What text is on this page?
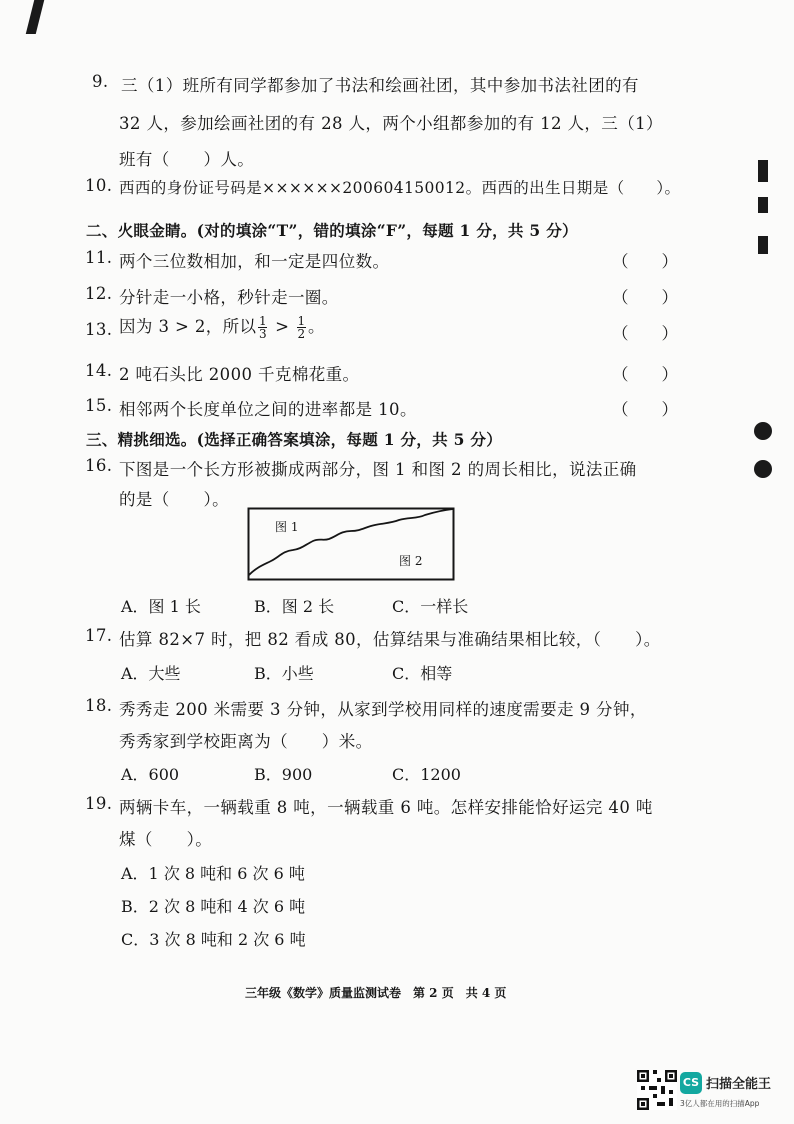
9. 三（1）班所有同学都参加了书法和绘画社团，其中参加书法社团的有
32 人，参加绘画社团的有 28 人，两个小组都参加的有 12 人，三（1）
班有（　　）人。
10. 西西的身份证号码是××××××200604150012。西西的出生日期是（　　）。
二、火眼金睛。(对的填涂“T”，错的填涂“F”，每题 1 分，共 5 分）
11. 两个三位数相加，和一定是四位数。	（　　）
12. 分针走一小格，秒针走一圈。	（　　）
13. 因为 3 > 2，所以 $\frac{1}{3} > \frac{1}{2}$ 。	（　　）
14. 2 吨石头比 2000 千克棉花重。	（　　）
15. 相邻两个长度单位之间的进率都是 10。	（　　）
三、精挑细选。(选择正确答案填涂，每题 1 分，共 5 分）
16. 下图是一个长方形被撕成两部分，图 1 和图 2 的周长相比，说法正确
的是（　　）。
图 1
图 2
A．图 1 长	B．图 2 长	C．一样长
17. 估算 82×7 时，把 82 看成 80，估算结果与准确结果相比较，（　　）。
A．大些	B．小些	C．相等
18. 秀秀走 200 米需要 3 分钟，从家到学校用同样的速度需要走 9 分钟，
秀秀家到学校距离为（　　）米。
A．600	B．900	C．1200
19. 两辆卡车，一辆载重 8 吨，一辆载重 6 吨。怎样安排能恰好运完 40 吨
煤（　　）。
A．1 次 8 吨和 6 次 6 吨
B．2 次 8 吨和 4 次 6 吨
C．3 次 8 吨和 2 次 6 吨
三年级《数学》质量监测试卷　第 2 页　共 4 页
CS 扫描全能王
3亿人都在用的扫描App
